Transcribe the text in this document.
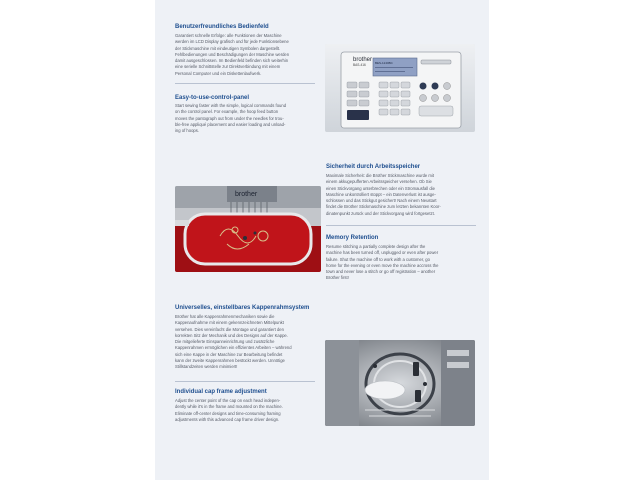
Benutzerfreundliches Bedienfeld
Garantiert schnelle Erfolge: alle Funktionen der Maschine
werden im LCD Display grafisch und für jede Funktionsebene
der Stickmaschine mit eindeutigen Symbolen dargestellt.
Fehlbedienungen und Beschädigungen der Maschine werden
damit ausgeschlossen. Im Bedienfeld befinden sich weiterhin
eine serielle Schnittstelle zur Direktverbindung mit einem
Personal Computer und ein Diskettenlaufwerk.
Easy-to-use-control-panel
Start sewing faster with the simple, logical commands found
on the control panel. For example, the hoop feed button
moves the pantograph out from under the needles for trou-
ble-free appliqué placement and easier loading and unload-
ing of hoops.
brother
BAS-416	BES-1240BC
brother
Sicherheit durch Arbeitsspeicher
Maximale Sicherheit: die Brother Stickmaschine wurde mit
einem akkugepufferten Arbeitsspeicher versehen. Ob Sie
einen Stickvorgang unterbrechen oder ein Stromausfall die
Maschine unkontrolliert stoppt – ein Datenverlust ist ausge-
schlossen und das Stickgut gesichert! Nach einem Neustart
findet die Brother Stickmaschine zum letzten bekannten Koor-
dinatenpunkt zurück und der Stickvorgang wird fortgesetzt.
Memory Retention
Resume stitching a partially complete design after the
machine has been turned off, unplugged or even after power
failure. Shut the machine off to work with a customer, go
home for the evening or even move the machine accross the
town and never lose a stitch or go off registration – another
Brother first!
Universelles, einstellbares Kappenrahmsystem
Brother hat alle Kappenrahmenmechaniken sowie die
Kappenaufnahme mit einem gekennzeichneten Mittelpunkt
versehen. Dies vereinfacht die Montage und garantiert den
korrekten Sitz der Mechanik und des Designs auf der Kappe.
Die mitgelieferte Einspanneinrichtung und zusätzliche
Kappenrahmen ermöglichen ein effizientes Arbeiten – während
sich eine Kappe in der Maschine zur Bearbeitung befindet
kann der zweite Kappenrahmen bestückt werden. Unnötige
Stillstandzeiten werden minimiert!
Individual cap frame adjustment
Adjust the center point of the cap on each head indepen-
dently while it's in the frame and mounted on the machine.
Eliminate off-center designs and time-consuming framing
adjustments with this advanced cap frame driver design.
